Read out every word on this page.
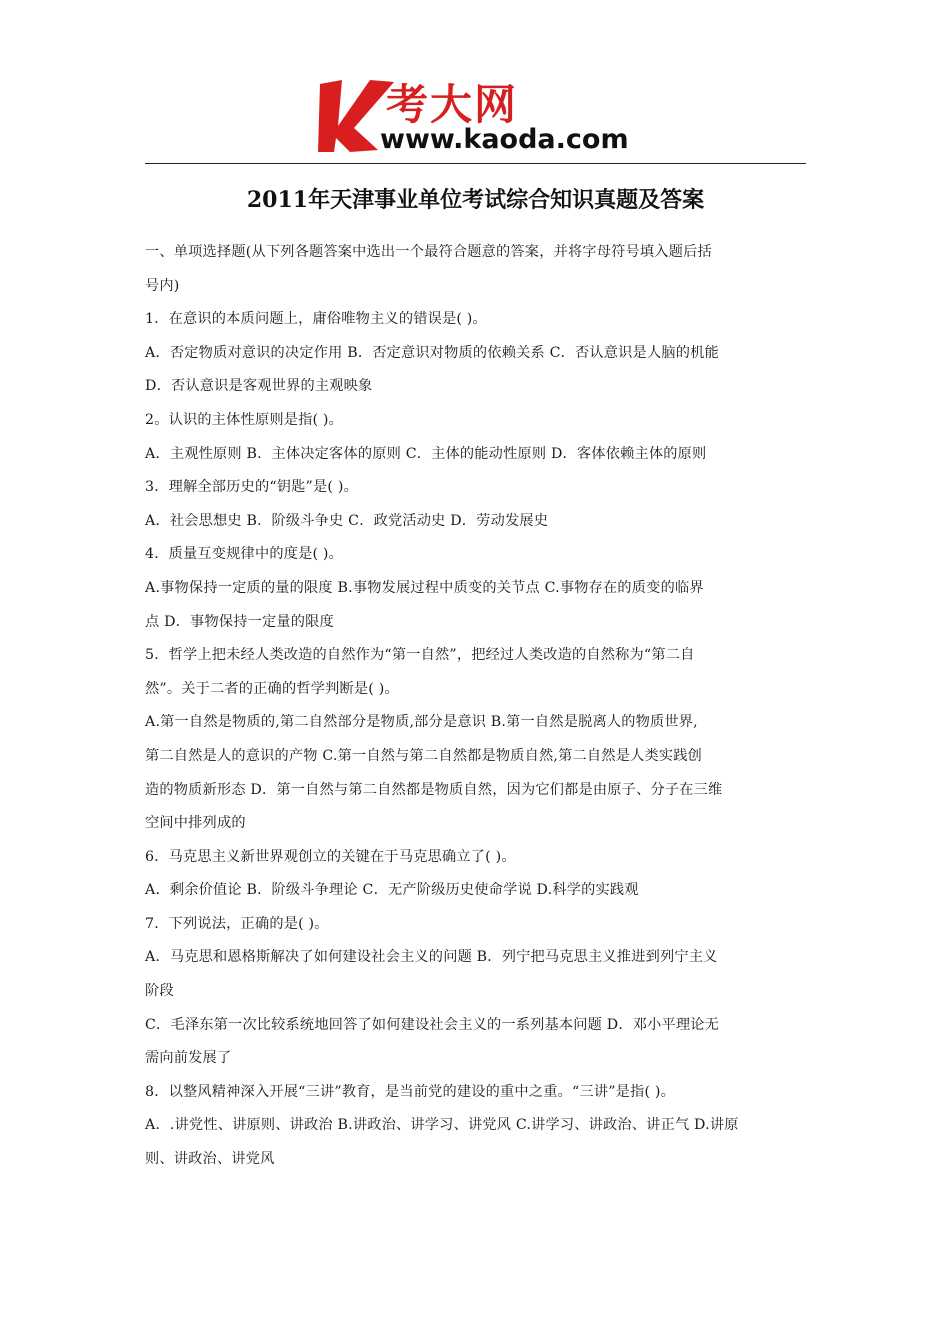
考大网
www.kaoda.com
2011年天津事业单位考试综合知识真题及答案
一、单项选择题(从下列各题答案中选出一个最符合题意的答案，并将字母符号填入题后括
号内)
1．在意识的本质问题上，庸俗唯物主义的错误是( )。
A．否定物质对意识的决定作用 B．否定意识对物质的依赖关系 C．否认意识是人脑的机能
D．否认意识是客观世界的主观映象
2。认识的主体性原则是指( )。
A．主观性原则 B．主体决定客体的原则 C．主体的能动性原则 D．客体依赖主体的原则
3．理解全部历史的“钥匙”是( )。
A．社会思想史 B．阶级斗争史 C．政党活动史 D．劳动发展史
4．质量互变规律中的度是( )。
A.事物保持一定质的量的限度 B.事物发展过程中质变的关节点 C.事物存在的质变的临界
点 D．事物保持一定量的限度
5．哲学上把未经人类改造的自然作为“第一自然”，把经过人类改造的自然称为“第二自
然”。关于二者的正确的哲学判断是( )。
A.第一自然是物质的,第二自然部分是物质,部分是意识 B.第一自然是脱离人的物质世界,
第二自然是人的意识的产物 C.第一自然与第二自然都是物质自然,第二自然是人类实践创
造的物质新形态 D．第一自然与第二自然都是物质自然，因为它们都是由原子、分子在三维
空间中排列成的
6．马克思主义新世界观创立的关键在于马克思确立了( )。
A．剩余价值论 B．阶级斗争理论 C．无产阶级历史使命学说 D.科学的实践观
7．下列说法，正确的是( )。
A．马克思和恩格斯解决了如何建设社会主义的问题 B．列宁把马克思主义推进到列宁主义
阶段
C．毛泽东第一次比较系统地回答了如何建设社会主义的一系列基本问题 D．邓小平理论无
需向前发展了
8．以整风精神深入开展“三讲”教育，是当前党的建设的重中之重。“三讲”是指( )。
A．.讲党性、讲原则、讲政治 B.讲政治、讲学习、讲党风 C.讲学习、讲政治、讲正气 D.讲原
则、讲政治、讲党风
